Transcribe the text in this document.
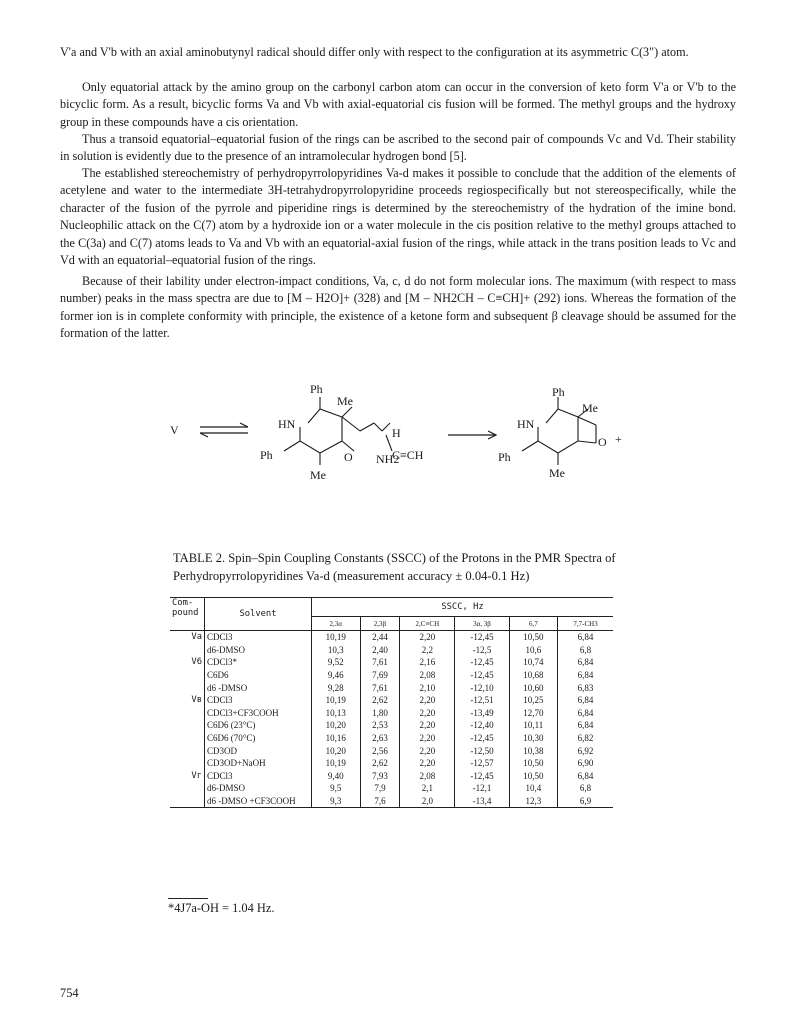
V'a and V'b with an axial aminobutynyl radical should differ only with respect to the configuration at its asymmetric C(3") atom.

Only equatorial attack by the amino group on the carbonyl carbon atom can occur in the conversion of keto form V'a or V'b to the bicyclic form. As a result, bicyclic forms Va and Vb with axial-equatorial cis fusion will be formed. The methyl groups and the hydroxy group in these compounds have a cis orientation.

Thus a transoid equatorial–equatorial fusion of the rings can be ascribed to the second pair of compounds Vc and Vd. Their stability in solution is evidently due to the presence of an intramolecular hydrogen bond [5].

The established stereochemistry of perhydropyrrolopyridines Va-d makes it possible to conclude that the addition of the elements of acetylene and water to the intermediate 3H-tetrahydropyrrolopyridine proceeds regiospecifically but not stereospecifically, while the character of the fusion of the pyrrole and piperidine rings is determined by the stereochemistry of the hydration of the imine bond. Nucleophilic attack on the C(7) atom by a hydroxide ion or a water molecule in the cis position relative to the methyl groups attached to the C(3a) and C(7) atoms leads to Va and Vb with an equatorial-axial fusion of the rings, while attack in the trans position leads to Vc and Vd with an equatorial–equatorial fusion of the rings.

Because of their lability under electron-impact conditions, Va, c, d do not form molecular ions. The maximum (with respect to mass number) peaks in the mass spectra are due to [M – H2O]+ (328) and [M – NH2CH – C≡CH]+ (292) ions. Whereas the formation of the former ion is in complete conformity with principle, the existence of a ketone form and subsequent β cleavage should be assumed for the formation of the latter.

V
Ph
Me
HN
Ph	O
H
NH2
C≡CH
Me
Ph
Me
HN
Ph
O +
Me

TABLE 2. Spin–Spin Coupling Constants (SSCC) of the Protons in the PMR Spectra of Perhydropyrrolopyridines Va-d (measurement accuracy ± 0.04-0.1 Hz)

Com-
pound	Solvent	SSCC, Hz					
		2,3α	2,3β	2,C≡CH	3α, 3β	6,7	7,7-CH3
Va	CDCl3	10,19	2,44	2,20	-12,45	10,50	6,84
	d6-DMSO	10,3	2,40	2,2	-12,5	10,6	6,8
V6	CDCl3*	9,52	7,61	2,16	-12,45	10,74	6,84
	C6D6	9,46	7,69	2,08	-12,45	10,68	6,84
	d6 -DMSO	9,28	7,61	2,10	-12,10	10,60	6,83
Vв	CDCl3	10,19	2,62	2,20	-12,51	10,25	6,84
	CDCl3+CF3COOH	10,13	1,80	2,20	-13,49	12,70	6,84
	C6D6 (23°C)	10,20	2,53	2,20	-12,40	10,11	6,84
	C6D6 (70°C)	10,16	2,63	2,20	-12,45	10,30	6,82
	CD3OD	10,20	2,56	2,20	-12,50	10,38	6,92
	CD3OD+NaOH	10,19	2,62	2,20	-12,57	10,50	6,90
Vг	CDCl3	9,40	7,93	2,08	-12,45	10,50	6,84
	d6-DMSO	9,5	7,9	2,1	-12,1	10,4	6,8
	d6 -DMSO +CF3COOH	9,3	7,6	2,0	-13,4	12,3	6,9
*4J7a-OH = 1.04 Hz.
754
